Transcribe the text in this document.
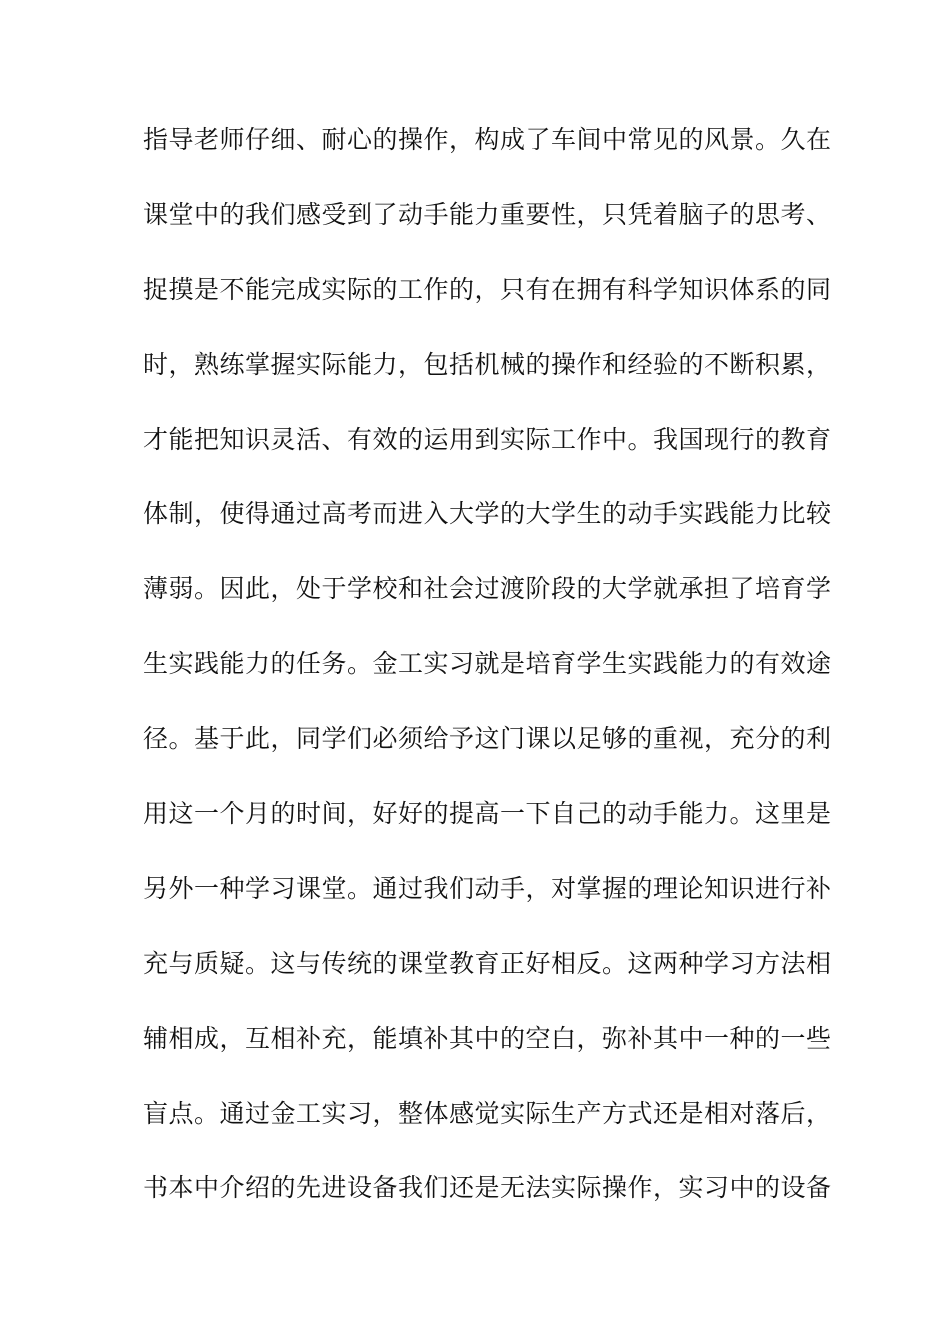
指导老师仔细、耐心的操作，构成了车间中常见的风景。久在
课堂中的我们感受到了动手能力重要性，只凭着脑子的思考、
捉摸是不能完成实际的工作的，只有在拥有科学知识体系的同
时，熟练掌握实际能力，包括机械的操作和经验的不断积累，
才能把知识灵活、有效的运用到实际工作中。我国现行的教育
体制，使得通过高考而进入大学的大学生的动手实践能力比较
薄弱。因此，处于学校和社会过渡阶段的大学就承担了培育学
生实践能力的任务。金工实习就是培育学生实践能力的有效途
径。基于此，同学们必须给予这门课以足够的重视，充分的利
用这一个月的时间，好好的提高一下自己的动手能力。这里是
另外一种学习课堂。通过我们动手，对掌握的理论知识进行补
充与质疑。这与传统的课堂教育正好相反。这两种学习方法相
辅相成，互相补充，能填补其中的空白，弥补其中一种的一些
盲点。通过金工实习，整体感觉实际生产方式还是相对落后，
书本中介绍的先进设备我们还是无法实际操作，实习中的设备
